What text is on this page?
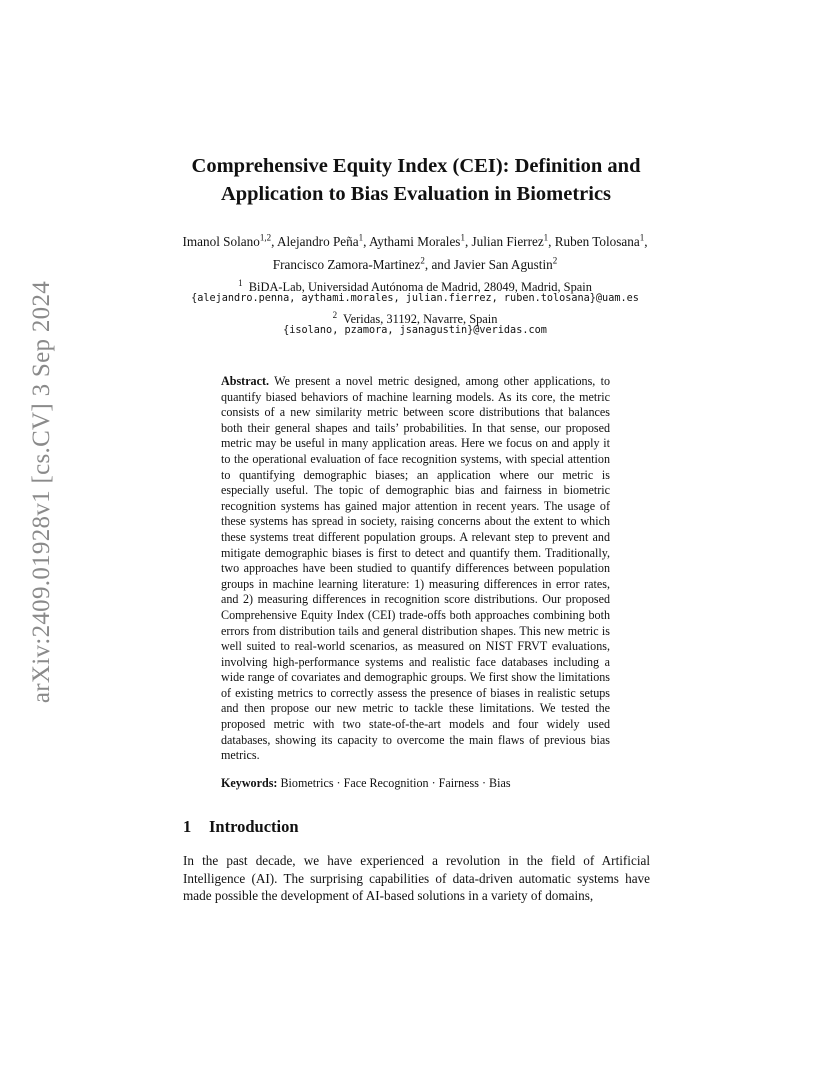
arXiv:2409.01928v1 [cs.CV] 3 Sep 2024
Comprehensive Equity Index (CEI): Definition and Application to Bias Evaluation in Biometrics
Imanol Solano$^{1,2}$, Alejandro Peña$^1$, Aythami Morales$^1$, Julian Fierrez$^1$, Ruben Tolosana$^1$, Francisco Zamora-Martinez$^2$, and Javier San Agustin$^2$
$^1$ BiDA-Lab, Universidad Autónoma de Madrid, 28049, Madrid, Spain
{alejandro.penna, aythami.morales, julian.fierrez, ruben.tolosana}@uam.es
$^2$ Veridas, 31192, Navarre, Spain
{isolano, pzamora, jsanagustin}@veridas.com

Abstract. We present a novel metric designed, among other applications, to quantify biased behaviors of machine learning models. As its core, the metric consists of a new similarity metric between score distributions that balances both their general shapes and tails’ probabilities. In that sense, our proposed metric may be useful in many application areas. Here we focus on and apply it to the operational evaluation of face recognition systems, with special attention to quantifying demographic biases; an application where our metric is especially useful. The topic of demographic bias and fairness in biometric recognition systems has gained major attention in recent years. The usage of these systems has spread in society, raising concerns about the extent to which these systems treat different population groups. A relevant step to prevent and mitigate demographic biases is first to detect and quantify them. Traditionally, two approaches have been studied to quantify differences between population groups in machine learning literature: 1) measuring differences in error rates, and 2) measuring differences in recognition score distributions. Our proposed Comprehensive Equity Index (CEI) trade-offs both approaches combining both errors from distribution tails and general distribution shapes. This new metric is well suited to real-world scenarios, as measured on NIST FRVT evaluations, involving high-performance systems and realistic face databases including a wide range of covariates and demographic groups. We first show the limitations of existing metrics to correctly assess the presence of biases in realistic setups and then propose our new metric to tackle these limitations. We tested the proposed metric with two state-of-the-art models and four widely used databases, showing its capacity to overcome the main flaws of previous bias metrics.

Keywords: Biometrics · Face Recognition · Fairness · Bias
1 Introduction

In the past decade, we have experienced a revolution in the field of Artificial Intelligence (AI). The surprising capabilities of data-driven automatic systems have made possible the development of AI-based solutions in a variety of domains,
